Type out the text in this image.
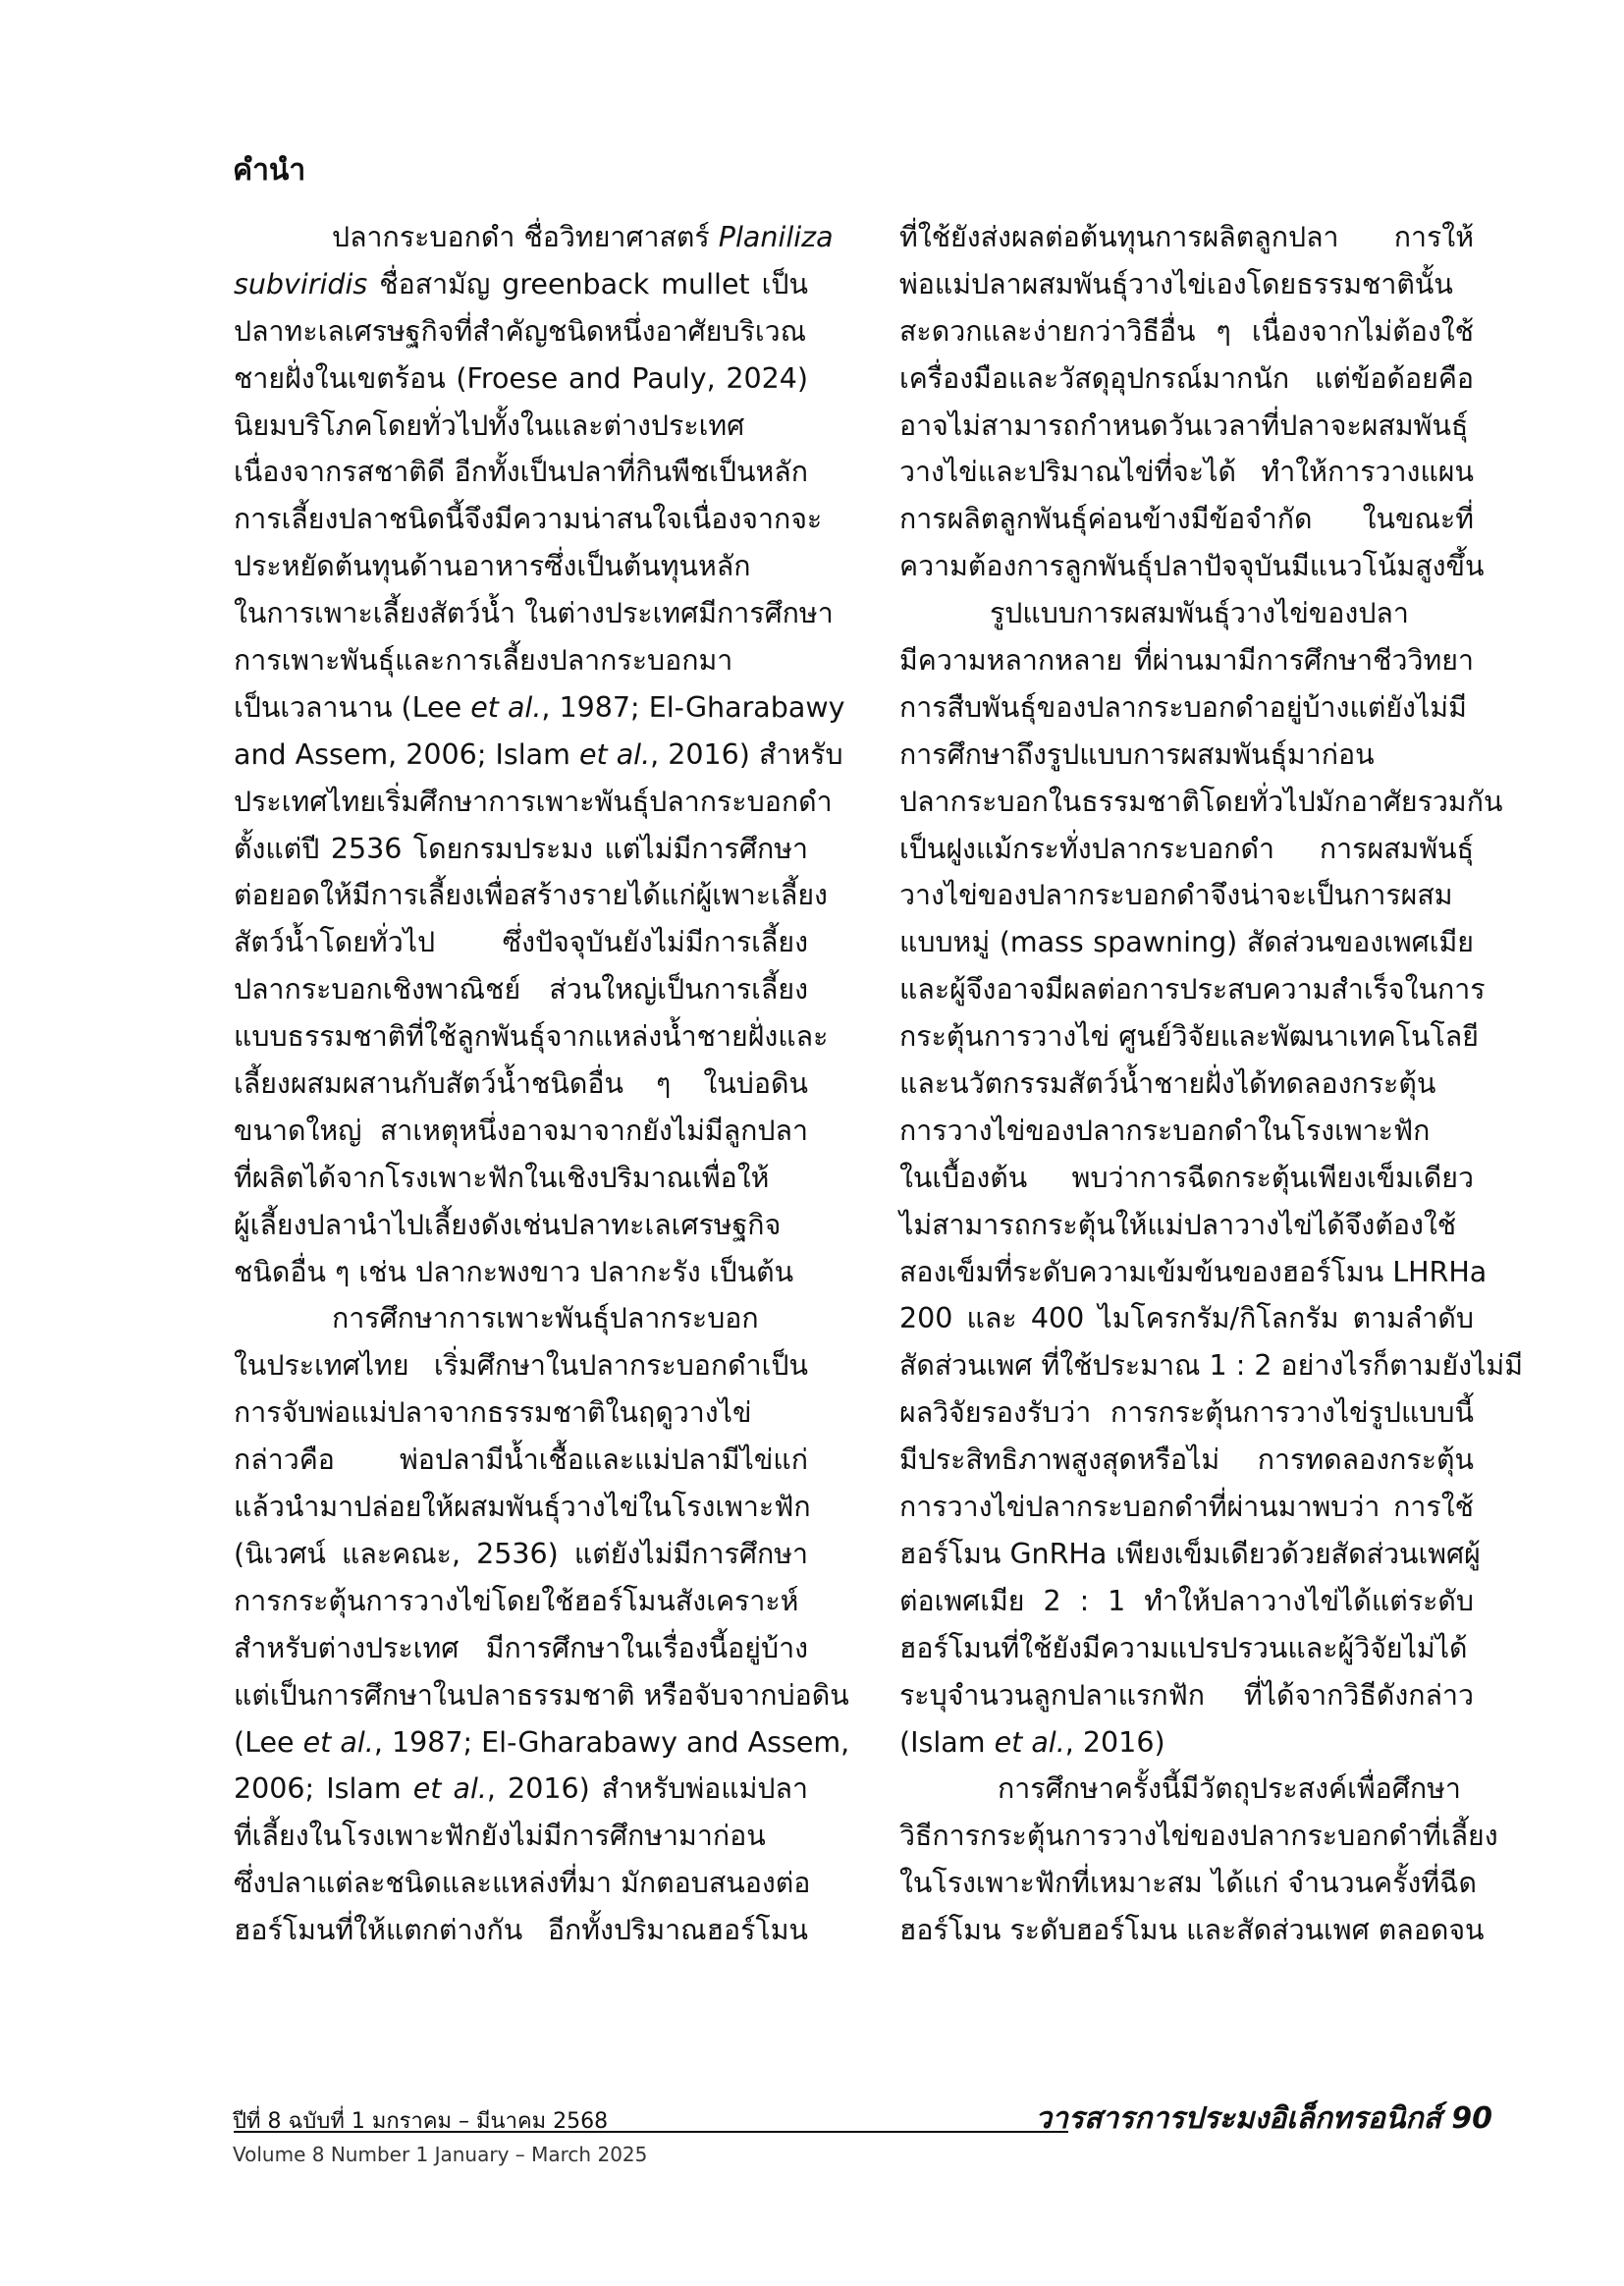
คำนำ
ปลากระบอกดำ ชื่อวิทยาศาสตร์ Planiliza
subviridis ชื่อสามัญ greenback mullet เป็น
ปลาทะเลเศรษฐกิจที่สำคัญชนิดหนึ่งอาศัยบริเวณ
ชายฝั่งในเขตร้อน (Froese and Pauly, 2024)
นิยมบริโภคโดยทั่วไปทั้งในและต่างประเทศ
เนื่องจากรสชาติดี อีกทั้งเป็นปลาที่กินพืชเป็นหลัก
การเลี้ยงปลาชนิดนี้จึงมีความน่าสนใจเนื่องจากจะ
ประหยัดต้นทุนด้านอาหารซึ่งเป็นต้นทุนหลัก
ในการเพาะเลี้ยงสัตว์น้ำ ในต่างประเทศมีการศึกษา
การเพาะพันธุ์และการเลี้ยงปลากระบอกมา
เป็นเวลานาน (Lee et al., 1987; El-Gharabawy
and Assem, 2006; Islam et al., 2016) สำหรับ
ประเทศไทยเริ่มศึกษาการเพาะพันธุ์ปลากระบอกดำ
ตั้งแต่ปี 2536 โดยกรมประมง แต่ไม่มีการศึกษา
ต่อยอดให้มีการเลี้ยงเพื่อสร้างรายได้แก่ผู้เพาะเลี้ยง
สัตว์น้ำโดยทั่วไป ซึ่งปัจจุบันยังไม่มีการเลี้ยง
ปลากระบอกเชิงพาณิชย์ ส่วนใหญ่เป็นการเลี้ยง
แบบธรรมชาติที่ใช้ลูกพันธุ์จากแหล่งน้ำชายฝั่งและ
เลี้ยงผสมผสานกับสัตว์น้ำชนิดอื่น ๆ ในบ่อดิน
ขนาดใหญ่ สาเหตุหนึ่งอาจมาจากยังไม่มีลูกปลา
ที่ผลิตได้จากโรงเพาะฟักในเชิงปริมาณเพื่อให้
ผู้เลี้ยงปลานำไปเลี้ยงดังเช่นปลาทะเลเศรษฐกิจ
ชนิดอื่น ๆ เช่น ปลากะพงขาว ปลากะรัง เป็นต้น
การศึกษาการเพาะพันธุ์ปลากระบอก
ในประเทศไทย เริ่มศึกษาในปลากระบอกดำเป็น
การจับพ่อแม่ปลาจากธรรมชาติในฤดูวางไข่
กล่าวคือ พ่อปลามีน้ำเชื้อและแม่ปลามีไข่แก่
แล้วนำมาปล่อยให้ผสมพันธุ์วางไข่ในโรงเพาะฟัก
(นิเวศน์ และคณะ, 2536) แต่ยังไม่มีการศึกษา
การกระตุ้นการวางไข่โดยใช้ฮอร์โมนสังเคราะห์
สำหรับต่างประเทศ มีการศึกษาในเรื่องนี้อยู่บ้าง
แต่เป็นการศึกษาในปลาธรรมชาติ หรือจับจากบ่อดิน
(Lee et al., 1987; El-Gharabawy and Assem,
2006; Islam et al., 2016) สำหรับพ่อแม่ปลา
ที่เลี้ยงในโรงเพาะฟักยังไม่มีการศึกษามาก่อน
ซึ่งปลาแต่ละชนิดและแหล่งที่มา มักตอบสนองต่อ
ฮอร์โมนที่ให้แตกต่างกัน อีกทั้งปริมาณฮอร์โมน
ที่ใช้ยังส่งผลต่อต้นทุนการผลิตลูกปลา การให้
พ่อแม่ปลาผสมพันธุ์วางไข่เองโดยธรรมชาตินั้น
สะดวกและง่ายกว่าวิธีอื่น ๆ เนื่องจากไม่ต้องใช้
เครื่องมือและวัสดุอุปกรณ์มากนัก แต่ข้อด้อยคือ
อาจไม่สามารถกำหนดวันเวลาที่ปลาจะผสมพันธุ์
วางไข่และปริมาณไข่ที่จะได้ ทำให้การวางแผน
การผลิตลูกพันธุ์ค่อนข้างมีข้อจำกัด ในขณะที่
ความต้องการลูกพันธุ์ปลาปัจจุบันมีแนวโน้มสูงขึ้น
รูปแบบการผสมพันธุ์วางไข่ของปลา
มีความหลากหลาย ที่ผ่านมามีการศึกษาชีววิทยา
การสืบพันธุ์ของปลากระบอกดำอยู่บ้างแต่ยังไม่มี
การศึกษาถึงรูปแบบการผสมพันธุ์มาก่อน
ปลากระบอกในธรรมชาติโดยทั่วไปมักอาศัยรวมกัน
เป็นฝูงแม้กระทั่งปลากระบอกดำ การผสมพันธุ์
วางไข่ของปลากระบอกดำจึงน่าจะเป็นการผสม
แบบหมู่ (mass spawning) สัดส่วนของเพศเมีย
และผู้จึงอาจมีผลต่อการประสบความสำเร็จในการ
กระตุ้นการวางไข่ ศูนย์วิจัยและพัฒนาเทคโนโลยี
และนวัตกรรมสัตว์น้ำชายฝั่งได้ทดลองกระตุ้น
การวางไข่ของปลากระบอกดำในโรงเพาะฟัก
ในเบื้องต้น พบว่าการฉีดกระตุ้นเพียงเข็มเดียว
ไม่สามารถกระตุ้นให้แม่ปลาวางไข่ได้จึงต้องใช้
สองเข็มที่ระดับความเข้มข้นของฮอร์โมน LHRHa
200 และ 400 ไมโครกรัม/กิโลกรัม ตามลำดับ
สัดส่วนเพศ ที่ใช้ประมาณ 1 : 2 อย่างไรก็ตามยังไม่มี
ผลวิจัยรองรับว่า การกระตุ้นการวางไข่รูปแบบนี้
มีประสิทธิภาพสูงสุดหรือไม่ การทดลองกระตุ้น
การวางไข่ปลากระบอกดำที่ผ่านมาพบว่า การใช้
ฮอร์โมน GnRHa เพียงเข็มเดียวด้วยสัดส่วนเพศผู้
ต่อเพศเมีย 2 : 1 ทำให้ปลาวางไข่ได้แต่ระดับ
ฮอร์โมนที่ใช้ยังมีความแปรปรวนและผู้วิจัยไม่ได้
ระบุจำนวนลูกปลาแรกฟัก ที่ได้จากวิธีดังกล่าว
(Islam et al., 2016)
การศึกษาครั้งนี้มีวัตถุประสงค์เพื่อศึกษา
วิธีการกระตุ้นการวางไข่ของปลากระบอกดำที่เลี้ยง
ในโรงเพาะฟักที่เหมาะสม ได้แก่ จำนวนครั้งที่ฉีด
ฮอร์โมน ระดับฮอร์โมน และสัดส่วนเพศ ตลอดจน
ปีที่ 8 ฉบับที่ 1 มกราคม – มีนาคม 2568	วารสารการประมงอิเล็กทรอนิกส์ 90
Volume 8 Number 1 January – March 2025
